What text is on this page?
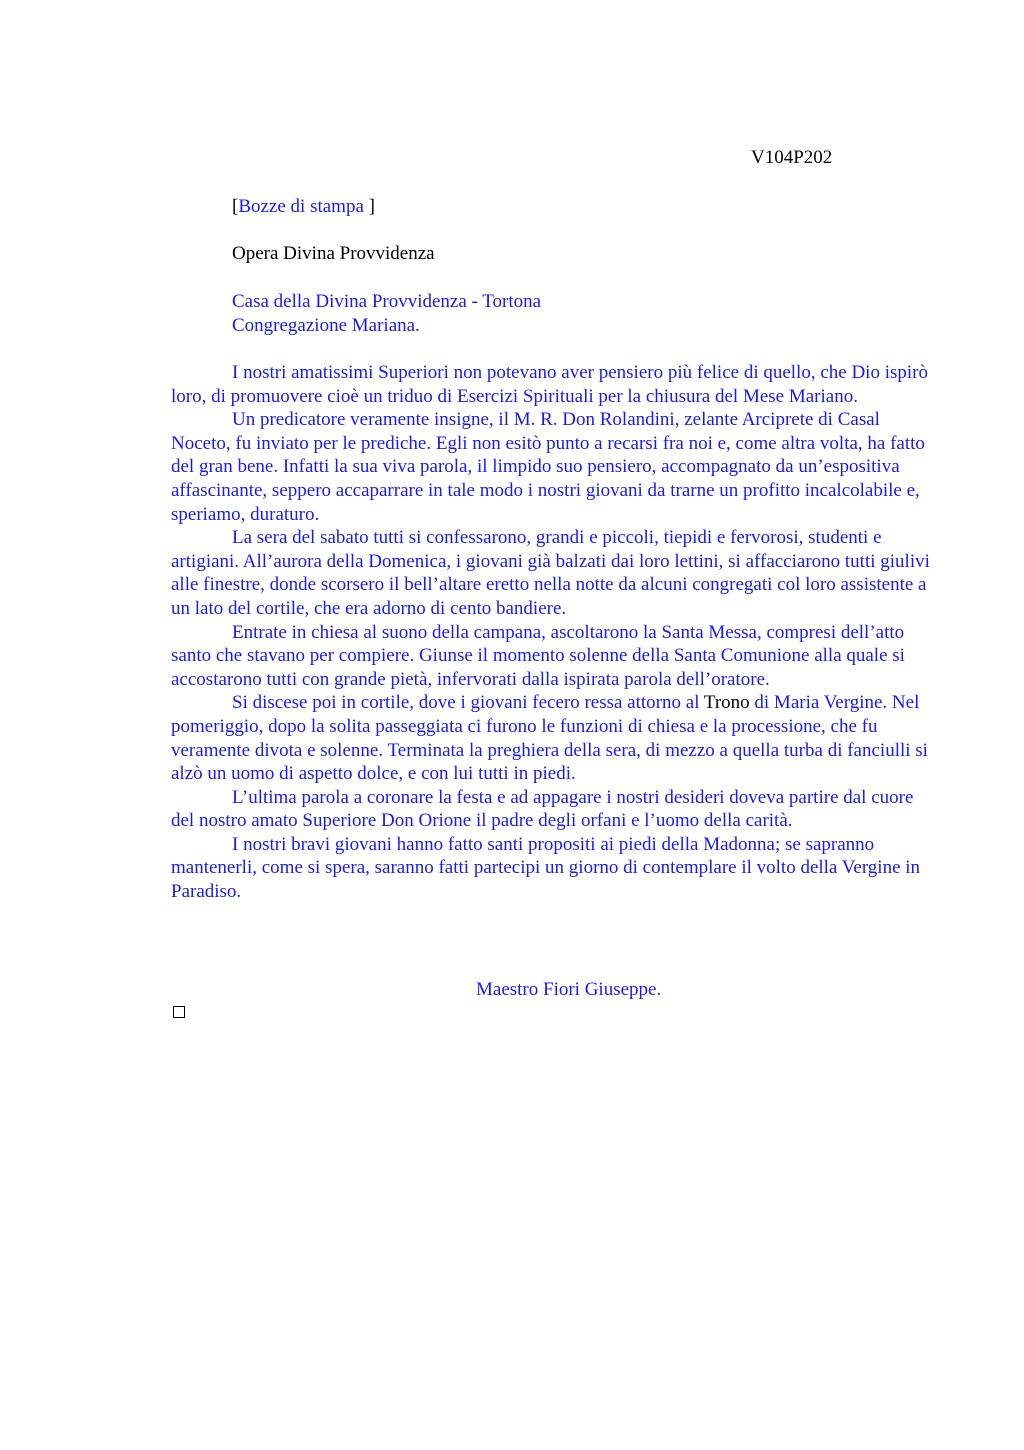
V104P202
[Bozze di stampa ]
Opera Divina Provvidenza
Casa della Divina Provvidenza - Tortona
Congregazione Mariana.

I nostri amatissimi Superiori non potevano aver pensiero più felice di quello, che Dio ispirò loro, di promuovere cioè un triduo di Esercizi Spirituali per la chiusura del Mese Mariano.

Un predicatore veramente insigne, il M. R. Don Rolandini, zelante Arciprete di Casal Noceto, fu inviato per le prediche. Egli non esitò punto a recarsi fra noi e, come altra volta, ha fatto del gran bene. Infatti la sua viva parola, il limpido suo pensiero, accompagnato da un’espositiva affascinante, seppero accaparrare in tale modo i nostri giovani da trarne un profitto incalcolabile e, speriamo, duraturo.

La sera del sabato tutti si confessarono, grandi e piccoli, tiepidi e fervorosi, studenti e artigiani. All’aurora della Domenica, i giovani già balzati dai loro lettini, si affacciarono tutti giulivi alle finestre, donde scorsero il bell’altare eretto nella notte da alcuni congregati col loro assistente a un lato del cortile, che era adorno di cento bandiere.

Entrate in chiesa al suono della campana, ascoltarono la Santa Messa, compresi dell’atto santo che stavano per compiere. Giunse il momento solenne della Santa Comunione alla quale si accostarono tutti con grande pietà, infervorati dalla ispirata parola dell’oratore.

Si discese poi in cortile, dove i giovani fecero ressa attorno al Trono di Maria Vergine. Nel pomeriggio, dopo la solita passeggiata ci furono le funzioni di chiesa e la processione, che fu veramente divota e solenne. Terminata la preghiera della sera, di mezzo a quella turba di fanciulli si alzò un uomo di aspetto dolce, e con lui tutti in piedi.

L’ultima parola a coronare la festa e ad appagare i nostri desideri doveva partire dal cuore del nostro amato Superiore Don Orione il padre degli orfani e l’uomo della carità.

I nostri bravi giovani hanno fatto santi propositi ai piedi della Madonna; se sapranno mantenerli, come si spera, saranno fatti partecipi un giorno di contemplare il volto della Vergine in Paradiso.

Maestro Fiori Giuseppe.
